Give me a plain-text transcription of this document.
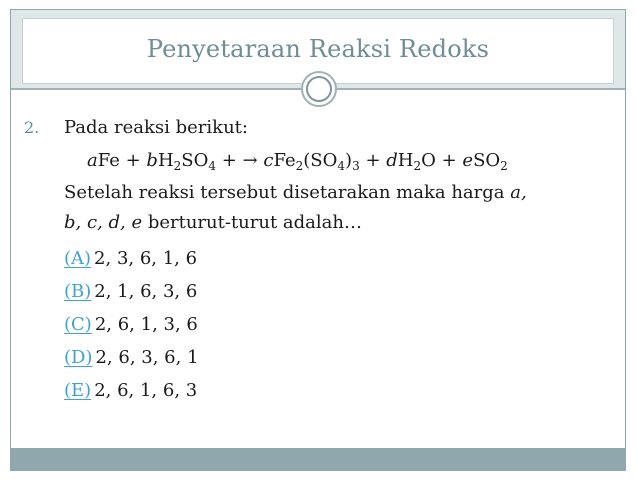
Penyetaraan Reaksi Redoks
2.	Pada reaksi berikut:
aFe + $bH_2SO_4$ + → $cFe_2(SO_4)_3 + dH_2O + eSO_2$
Setelah reaksi tersebut disetarakan maka harga a,
b, c, d, e berturut-turut adalah…
(A) 2, 3, 6, 1, 6
(B) 2, 1, 6, 3, 6
(C) 2, 6, 1, 3, 6
(D) 2, 6, 3, 6, 1
(E) 2, 6, 1, 6, 3
